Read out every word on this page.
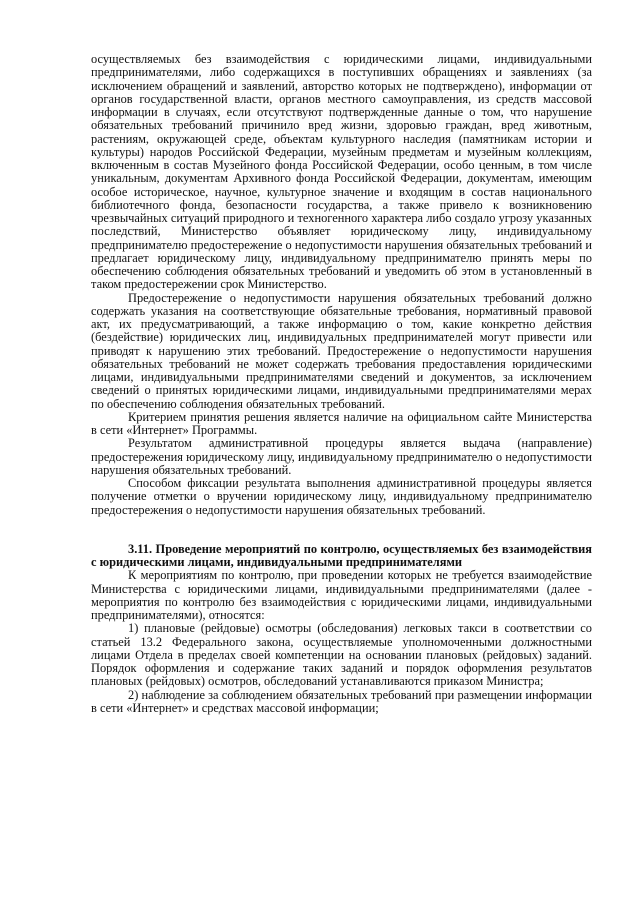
осуществляемых без взаимодействия с юридическими лицами, индивидуальными предпринимателями, либо содержащихся в поступивших обращениях и заявлениях (за исключением обращений и заявлений, авторство которых не подтверждено), информации от органов государственной власти, органов местного самоуправления, из средств массовой информации в случаях, если отсутствуют подтвержденные данные о том, что нарушение обязательных требований причинило вред жизни, здоровью граждан, вред животным, растениям, окружающей среде, объектам культурного наследия (памятникам истории и культуры) народов Российской Федерации, музейным предметам и музейным коллекциям, включенным в состав Музейного фонда Российской Федерации, особо ценным, в том числе уникальным, документам Архивного фонда Российской Федерации, документам, имеющим особое историческое, научное, культурное значение и входящим в состав национального библиотечного фонда, безопасности государства, а также привело к возникновению чрезвычайных ситуаций природного и техногенного характера либо создало угрозу указанных последствий, Министерство объявляет юридическому лицу, индивидуальному предпринимателю предостережение о недопустимости нарушения обязательных требований и предлагает юридическому лицу, индивидуальному предпринимателю принять меры по обеспечению соблюдения обязательных требований и уведомить об этом в установленный в таком предостережении срок Министерство.

Предостережение о недопустимости нарушения обязательных требований должно содержать указания на соответствующие обязательные требования, нормативный правовой акт, их предусматривающий, а также информацию о том, какие конкретно действия (бездействие) юридических лиц, индивидуальных предпринимателей могут привести или приводят к нарушению этих требований. Предостережение о недопустимости нарушения обязательных требований не может содержать требования предоставления юридическими лицами, индивидуальными предпринимателями сведений и документов, за исключением сведений о принятых юридическими лицами, индивидуальными предпринимателями мерах по обеспечению соблюдения обязательных требований.

Критерием принятия решения является наличие на официальном сайте Министерства в сети «Интернет» Программы.

Результатом административной процедуры является выдача (направление) предостережения юридическому лицу, индивидуальному предпринимателю о недопустимости нарушения обязательных требований.

Способом фиксации результата выполнения административной процедуры является получение отметки о вручении юридическому лицу, индивидуальному предпринимателю предостережения о недопустимости нарушения обязательных требований.

3.11. Проведение мероприятий по контролю, осуществляемых без взаимодействия с юридическими лицами, индивидуальными предпринимателями

К мероприятиям по контролю, при проведении которых не требуется взаимодействие Министерства с юридическими лицами, индивидуальными предпринимателями (далее - мероприятия по контролю без взаимодействия с юридическими лицами, индивидуальными предпринимателями), относятся:

1) плановые (рейдовые) осмотры (обследования) легковых такси в соответствии со статьей 13.2 Федерального закона, осуществляемые уполномоченными должностными лицами Отдела в пределах своей компетенции на основании плановых (рейдовых) заданий. Порядок оформления и содержание таких заданий и порядок оформления результатов плановых (рейдовых) осмотров, обследований устанавливаются приказом Министра;

2) наблюдение за соблюдением обязательных требований при размещении информации в сети «Интернет» и средствах массовой информации;
